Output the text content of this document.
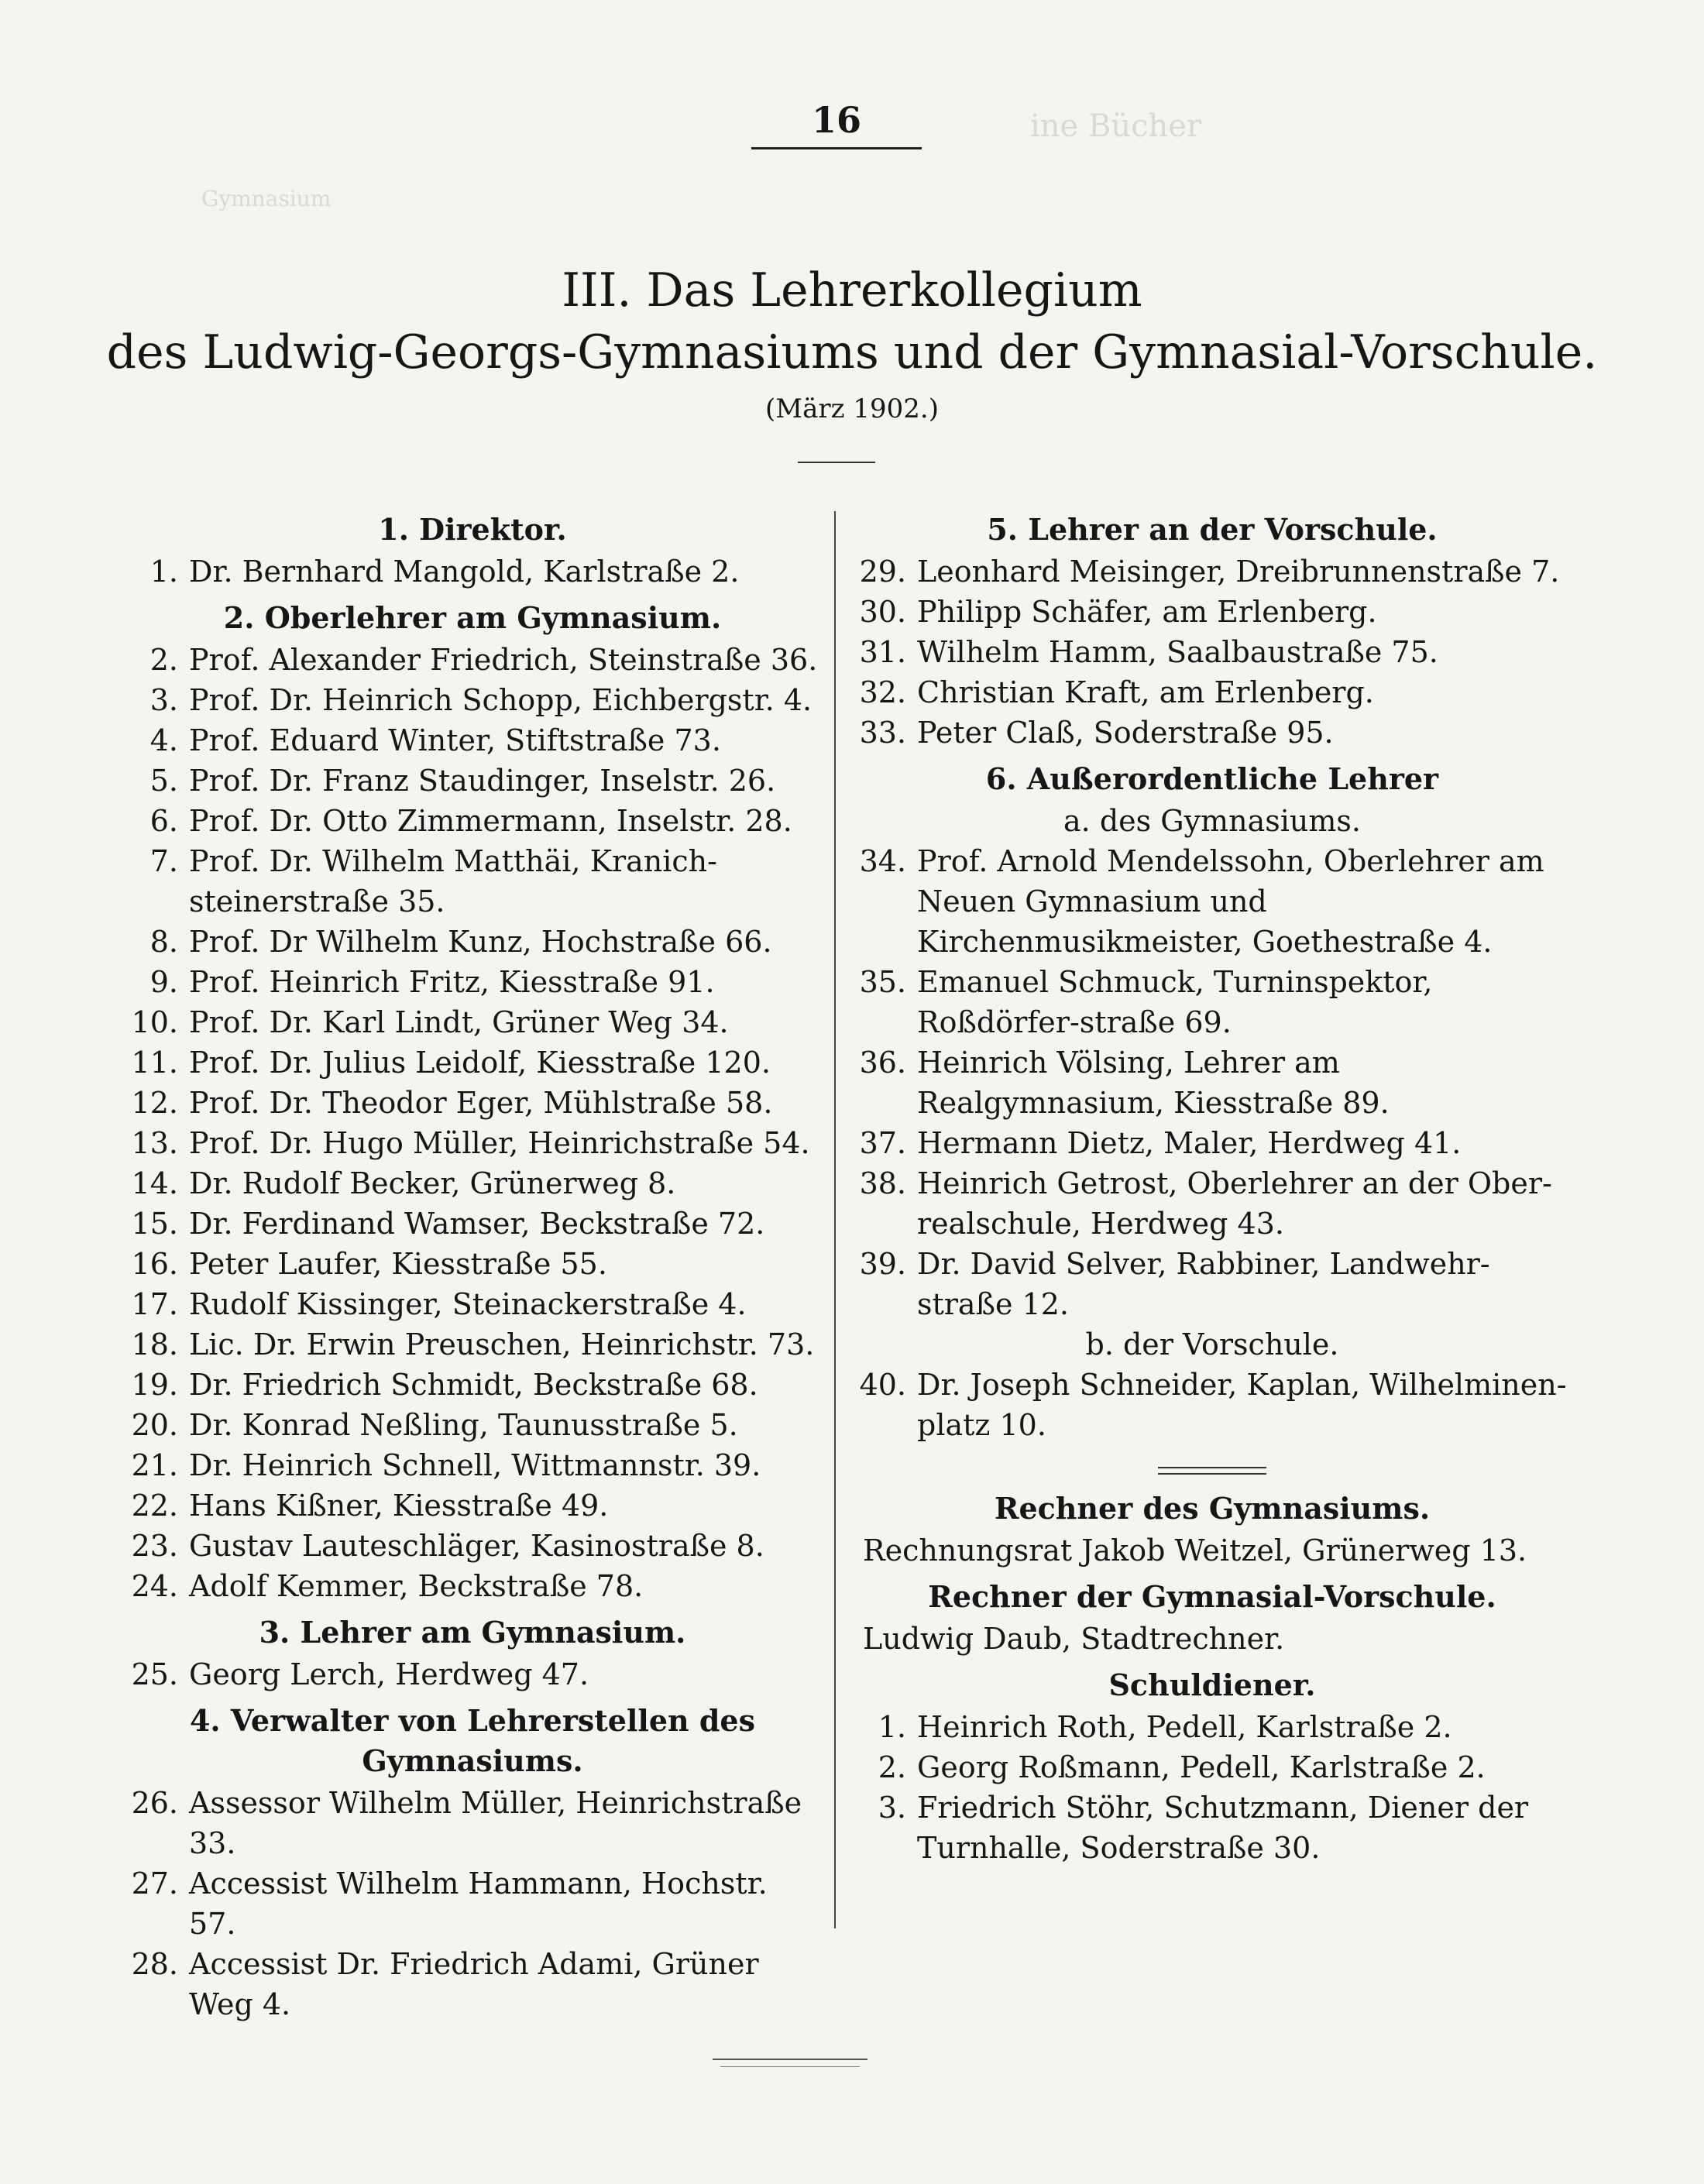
ine Bücher
Gymnasium
16
III. Das Lehrerkollegium
des Ludwig-Georgs-Gymnasiums und der Gymnasial-Vorschule.
(März 1902.)
1. Direktor.
1. Dr. Bernhard Mangold, Karlstraße 2.
2. Oberlehrer am Gymnasium.
2. Prof. Alexander Friedrich, Steinstraße 36.
3. Prof. Dr. Heinrich Schopp, Eichbergstr. 4.
4. Prof. Eduard Winter, Stiftstraße 73.
5. Prof. Dr. Franz Staudinger, Inselstr. 26.
6. Prof. Dr. Otto Zimmermann, Inselstr. 28.
7. Prof. Dr. Wilhelm Matthäi, Kranich-steinerstraße 35.
8. Prof. Dr Wilhelm Kunz, Hochstraße 66.
9. Prof. Heinrich Fritz, Kiesstraße 91.
10. Prof. Dr. Karl Lindt, Grüner Weg 34.
11. Prof. Dr. Julius Leidolf, Kiesstraße 120.
12. Prof. Dr. Theodor Eger, Mühlstraße 58.
13. Prof. Dr. Hugo Müller, Heinrichstraße 54.
14. Dr. Rudolf Becker, Grünerweg 8.
15. Dr. Ferdinand Wamser, Beckstraße 72.
16. Peter Laufer, Kiesstraße 55.
17. Rudolf Kissinger, Steinackerstraße 4.
18. Lic. Dr. Erwin Preuschen, Heinrichstr. 73.
19. Dr. Friedrich Schmidt, Beckstraße 68.
20. Dr. Konrad Neßling, Taunusstraße 5.
21. Dr. Heinrich Schnell, Wittmannstr. 39.
22. Hans Kißner, Kiesstraße 49.
23. Gustav Lauteschläger, Kasinostraße 8.
24. Adolf Kemmer, Beckstraße 78.
3. Lehrer am Gymnasium.
25. Georg Lerch, Herdweg 47.
4. Verwalter von Lehrerstellen des Gymnasiums.
26. Assessor Wilhelm Müller, Heinrichstraße 33.
27. Accessist Wilhelm Hammann, Hochstr. 57.
28. Accessist Dr. Friedrich Adami, Grüner Weg 4.
5. Lehrer an der Vorschule.
29. Leonhard Meisinger, Dreibrunnenstraße 7.
30. Philipp Schäfer, am Erlenberg.
31. Wilhelm Hamm, Saalbaustraße 75.
32. Christian Kraft, am Erlenberg.
33. Peter Claß, Soderstraße 95.
6. Außerordentliche Lehrer
a. des Gymnasiums.
34. Prof. Arnold Mendelssohn, Oberlehrer am Neuen Gymnasium und Kirchenmusikmeister, Goethestraße 4.
35. Emanuel Schmuck, Turninspektor, Roßdörfer-straße 69.
36. Heinrich Völsing, Lehrer am Realgymnasium, Kiesstraße 89.
37. Hermann Dietz, Maler, Herdweg 41.
38. Heinrich Getrost, Oberlehrer an der Ober-realschule, Herdweg 43.
39. Dr. David Selver, Rabbiner, Landwehr-straße 12.
b. der Vorschule.
40. Dr. Joseph Schneider, Kaplan, Wilhelminen-platz 10.
Rechner des Gymnasiums.
Rechnungsrat Jakob Weitzel, Grünerweg 13.
Rechner der Gymnasial-Vorschule.
Ludwig Daub, Stadtrechner.
Schuldiener.
1. Heinrich Roth, Pedell, Karlstraße 2.
2. Georg Roßmann, Pedell, Karlstraße 2.
3. Friedrich Stöhr, Schutzmann, Diener der Turnhalle, Soderstraße 30.
